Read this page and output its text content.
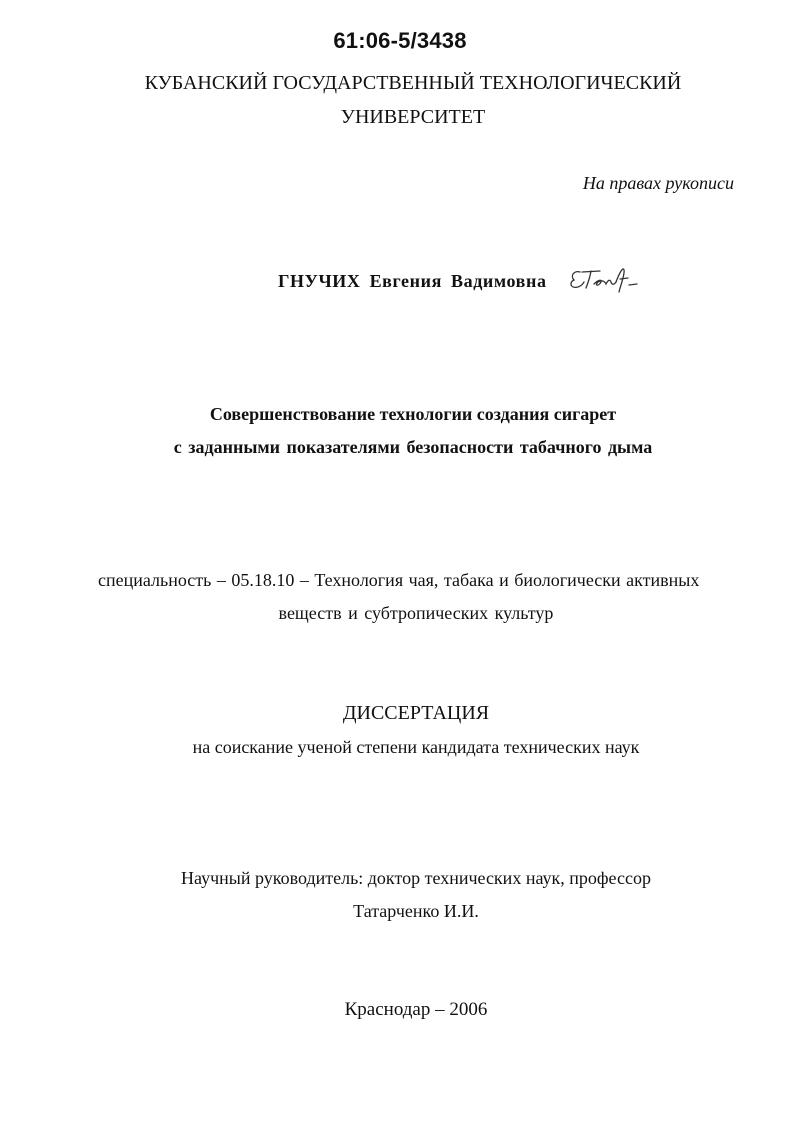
61:06-5/3438
КУБАНСКИЙ ГОСУДАРСТВЕННЫЙ ТЕХНОЛОГИЧЕСКИЙ
УНИВЕРСИТЕТ
На правах рукописи
ГНУЧИХ Евгения Вадимовна
Совершенствование технологии создания сигарет
с заданными показателями безопасности табачного дыма
специальность – 05.18.10 – Технология чая, табака и биологически активных
веществ и субтропических культур
ДИССЕРТАЦИЯ
на соискание ученой степени кандидата технических наук
Научный руководитель: доктор технических наук, профессор
Татарченко И.И.
Краснодар – 2006
